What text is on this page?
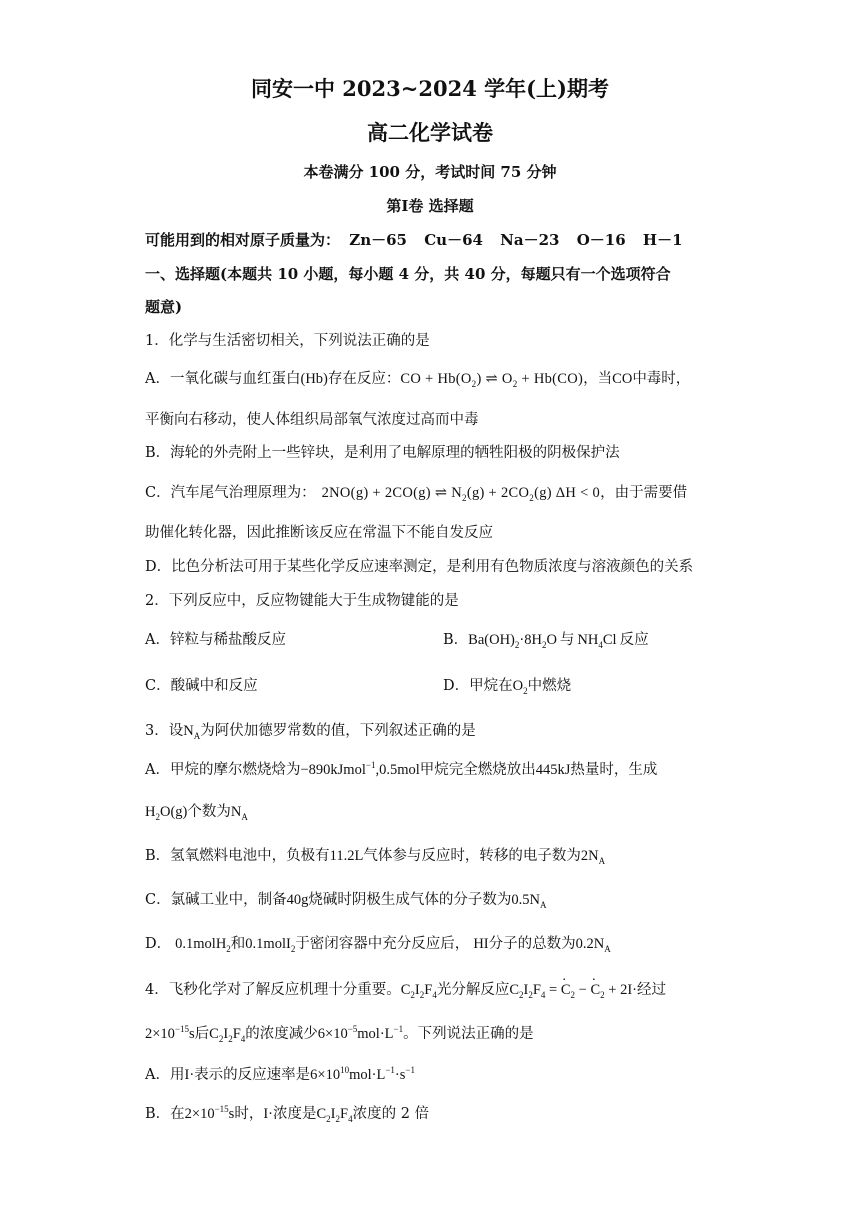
同安一中 2023~2024 学年(上)期考
高二化学试卷
本卷满分 100 分，考试时间 75 分钟
第Ⅰ卷 选择题
可能用到的相对原子质量为： Zn－65 Cu－64 Na－23 O－16 H－1
一、选择题(本题共 10 小题，每小题 4 分，共 40 分，每题只有一个选项符合
题意)
1．化学与生活密切相关，下列说法正确的是
A．一氧化碳与血红蛋白(Hb)存在反应：CO + $Hb(O_2)$ ⇌ $O_2 + Hb(CO)$，当CO中毒时，
平衡向右移动，使人体组织局部氧气浓度过高而中毒
B．海轮的外壳附上一些锌块，是利用了电解原理的牺牲阳极的阴极保护法
C．汽车尾气治理原理为： 2NO(g) + 2CO(g) ⇌ $N_2(g) + 2CO_2(g) \Delta H < 0$，由于需要借
助催化转化器，因此推断该反应在常温下不能自发反应
D．比色分析法可用于某些化学反应速率测定，是利用有色物质浓度与溶液颜色的关系
2．下列反应中，反应物键能大于生成物键能的是
A．锌粒与稀盐酸反应	B．$Ba(OH)_2\cdot 8H_2O$ 与 $NH_4Cl$ 反应
C．酸碱中和反应	D．甲烷在$O_2$中燃烧
3．设$N_A$为阿伏加德罗常数的值，下列叙述正确的是
A．甲烷的摩尔燃烧焓为−890kJmol$^{-1}$,0.5mol甲烷完全燃烧放出445kJ热量时，生成
$H_2O(g)$个数为$N_A$
B．氢氧燃料电池中，负极有11.2L气体参与反应时，转移的电子数为$2N_A$
C．氯碱工业中，制备40g烧碱时阴极生成气体的分子数为$0.5N_A$
D． 0.1molH$_2$和0.1molI$_2$于密闭容器中充分反应后， HI分子的总数为$0.2N_A$
4．飞秒化学对了解反应机理十分重要。$C_2I_2F_4$光分解反应$C_2I_2F_4$ = · $C_2$ − · $C_2 + 2I\cdot$经过
$2\times 10^{-15}s$后$C_2I_2F_4$的浓度减少$6\times 10^{-5}mol\cdot L^{-1}$。下列说法正确的是
A．用I·表示的反应速率是$6\times 10^{10}mol\cdot L^{-1}\cdot s^{-1}$
B．在$2\times 10^{-15}s$时，I·浓度是$C_2I_2F_4$浓度的 2 倍
